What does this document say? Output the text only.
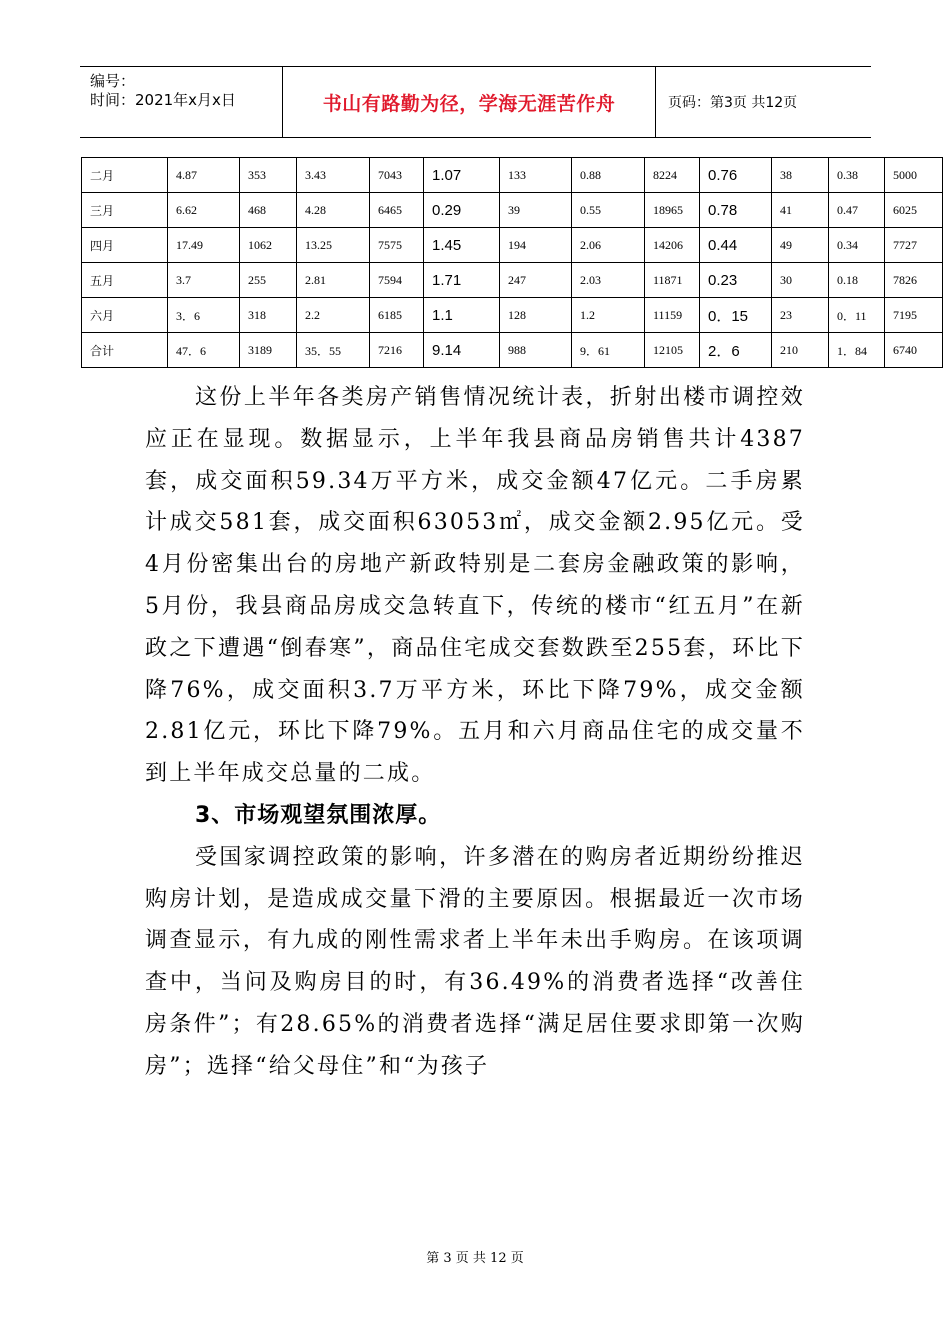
编号：
时间：2021年x月x日	书山有路勤为径，学海无涯苦作舟	页码：第3页 共12页
二月	4.87	353	3.43	7043	1.07	133	0.88	8224	0.76	38	0.38	5000
三月	6.62	468	4.28	6465	0.29	39	0.55	18965	0.78	41	0.47	6025
四月	17.49	1062	13.25	7575	1.45	194	2.06	14206	0.44	49	0.34	7727
五月	3.7	255	2.81	7594	1.71	247	2.03	11871	0.23	30	0.18	7826
六月	3．6	318	2.2	6185	1.1	128	1.2	11159	0．15	23	0．11	7195
合计	47．6	3189	35．55	7216	9.14	988	9．61	12105	2．6	210	1．84	6740

这份上半年各类房产销售情况统计表，折射出楼市调控效应正在显现。数据显示，上半年我县商品房销售共计4387套，成交面积59.34万平方米，成交金额47亿元。二手房累计成交581套，成交面积63053㎡，成交金额2.95亿元。受4月份密集出台的房地产新政特别是二套房金融政策的影响，5月份，我县商品房成交急转直下，传统的楼市“红五月”在新政之下遭遇“倒春寒”，商品住宅成交套数跌至255套，环比下降76%，成交面积3.7万平方米，环比下降79%，成交金额2.81亿元，环比下降79%。五月和六月商品住宅的成交量不到上半年成交总量的二成。

3、市场观望氛围浓厚。

受国家调控政策的影响，许多潜在的购房者近期纷纷推迟购房计划，是造成成交量下滑的主要原因。根据最近一次市场调查显示，有九成的刚性需求者上半年未出手购房。在该项调查中，当问及购房目的时，有36.49%的消费者选择“改善住房条件”；有28.65%的消费者选择“满足居住要求即第一次购房”；选择“给父母住”和“为孩子

第 3 页 共 12 页
